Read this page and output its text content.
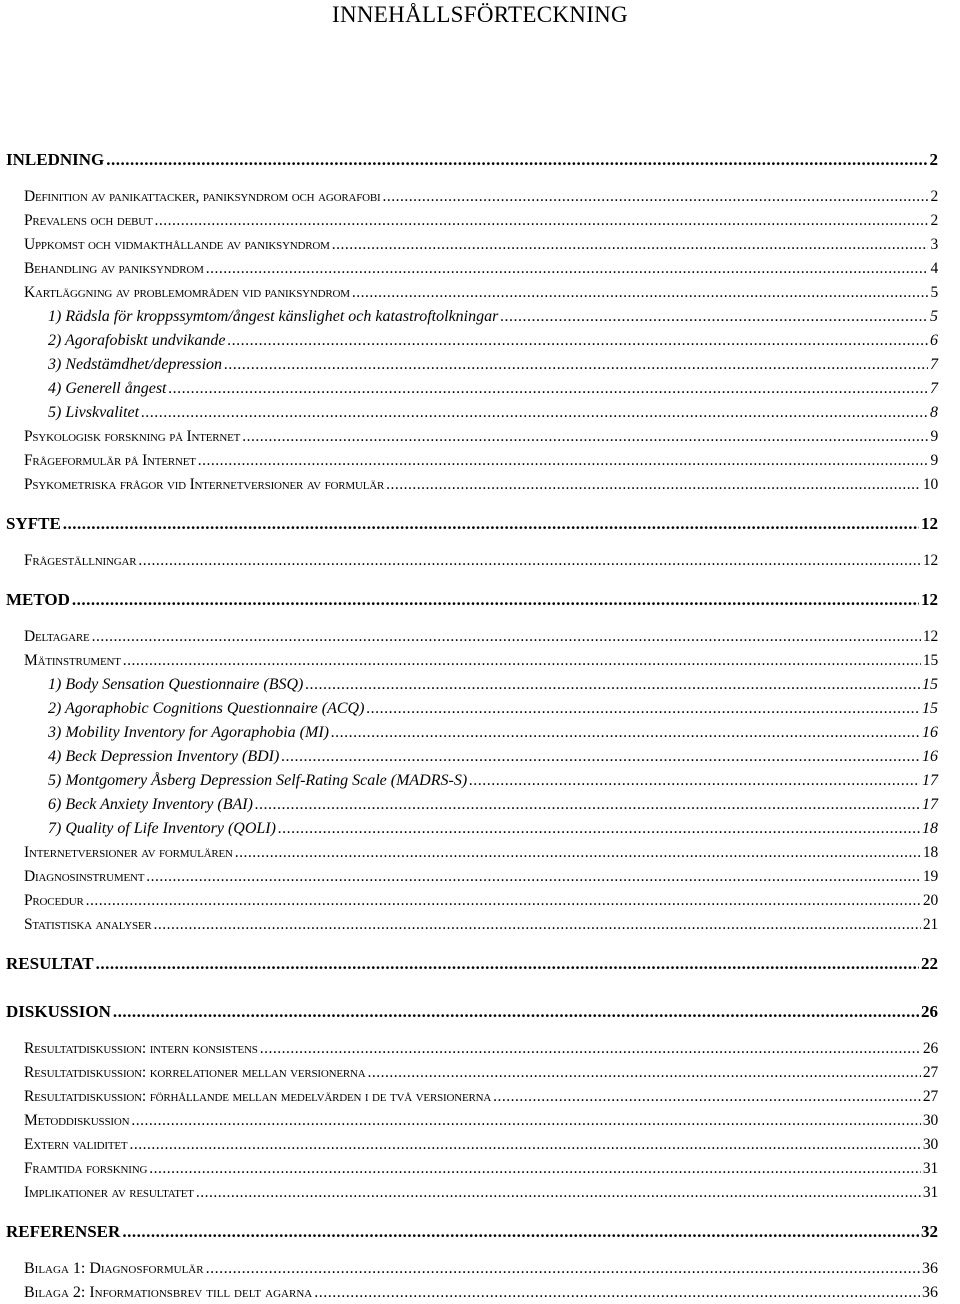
INNEHÅLLSFÖRTECKNING
INLEDNING .....	2
Definition av panikattacker, paniksyndrom och agorafobi .....	2
Prevalens och debut .....	2
Uppkomst och vidmakthållande av paniksyndrom .....	3
Behandling av paniksyndrom .....	4
Kartläggning av problemområden vid paniksyndrom .....	5
1) Rädsla för kroppssymtom/ångest känslighet och katastroftolkningar .....	5
2) Agorafobiskt undvikande .....	6
3) Nedstämdhet/depression .....	7
4) Generell ångest .....	7
5) Livskvalitet .....	8
Psykologisk forskning på Internet .....	9
Frågeformulär på Internet .....	9
Psykometriska frågor vid Internetversioner av formulär .....	10
SYFTE .....	12
Frågeställningar .....	12
METOD .....	12
Deltagare .....	12
Mätinstrument .....	15
1) Body Sensation Questionnaire (BSQ) .....	15
2) Agoraphobic Cognitions Questionnaire (ACQ) .....	15
3) Mobility Inventory for Agoraphobia (MI) .....	16
4) Beck Depression Inventory (BDI) .....	16
5) Montgomery Åsberg Depression Self-Rating Scale (MADRS-S) .....	17
6) Beck Anxiety Inventory (BAI) .....	17
7) Quality of Life Inventory (QOLI) .....	18
Internetversioner av formulären .....	18
Diagnosinstrument .....	19
Procedur .....	20
Statistiska analyser .....	21
RESULTAT .....	22
DISKUSSION .....	26
Resultatdiskussion: intern konsistens .....	26
Resultatdiskussion: korrelationer mellan versionerna .....	27
Resultatdiskussion: förhållande mellan medelvärden i de två versionerna .....	27
Metoddiskussion .....	30
Extern validitet .....	30
Framtida forskning .....	31
Implikationer av resultatet .....	31
REFERENSER .....	32
Bilaga 1: Diagnosformulär .....	36
Bilaga 2: Informationsbrev till delt agarna .....	36
